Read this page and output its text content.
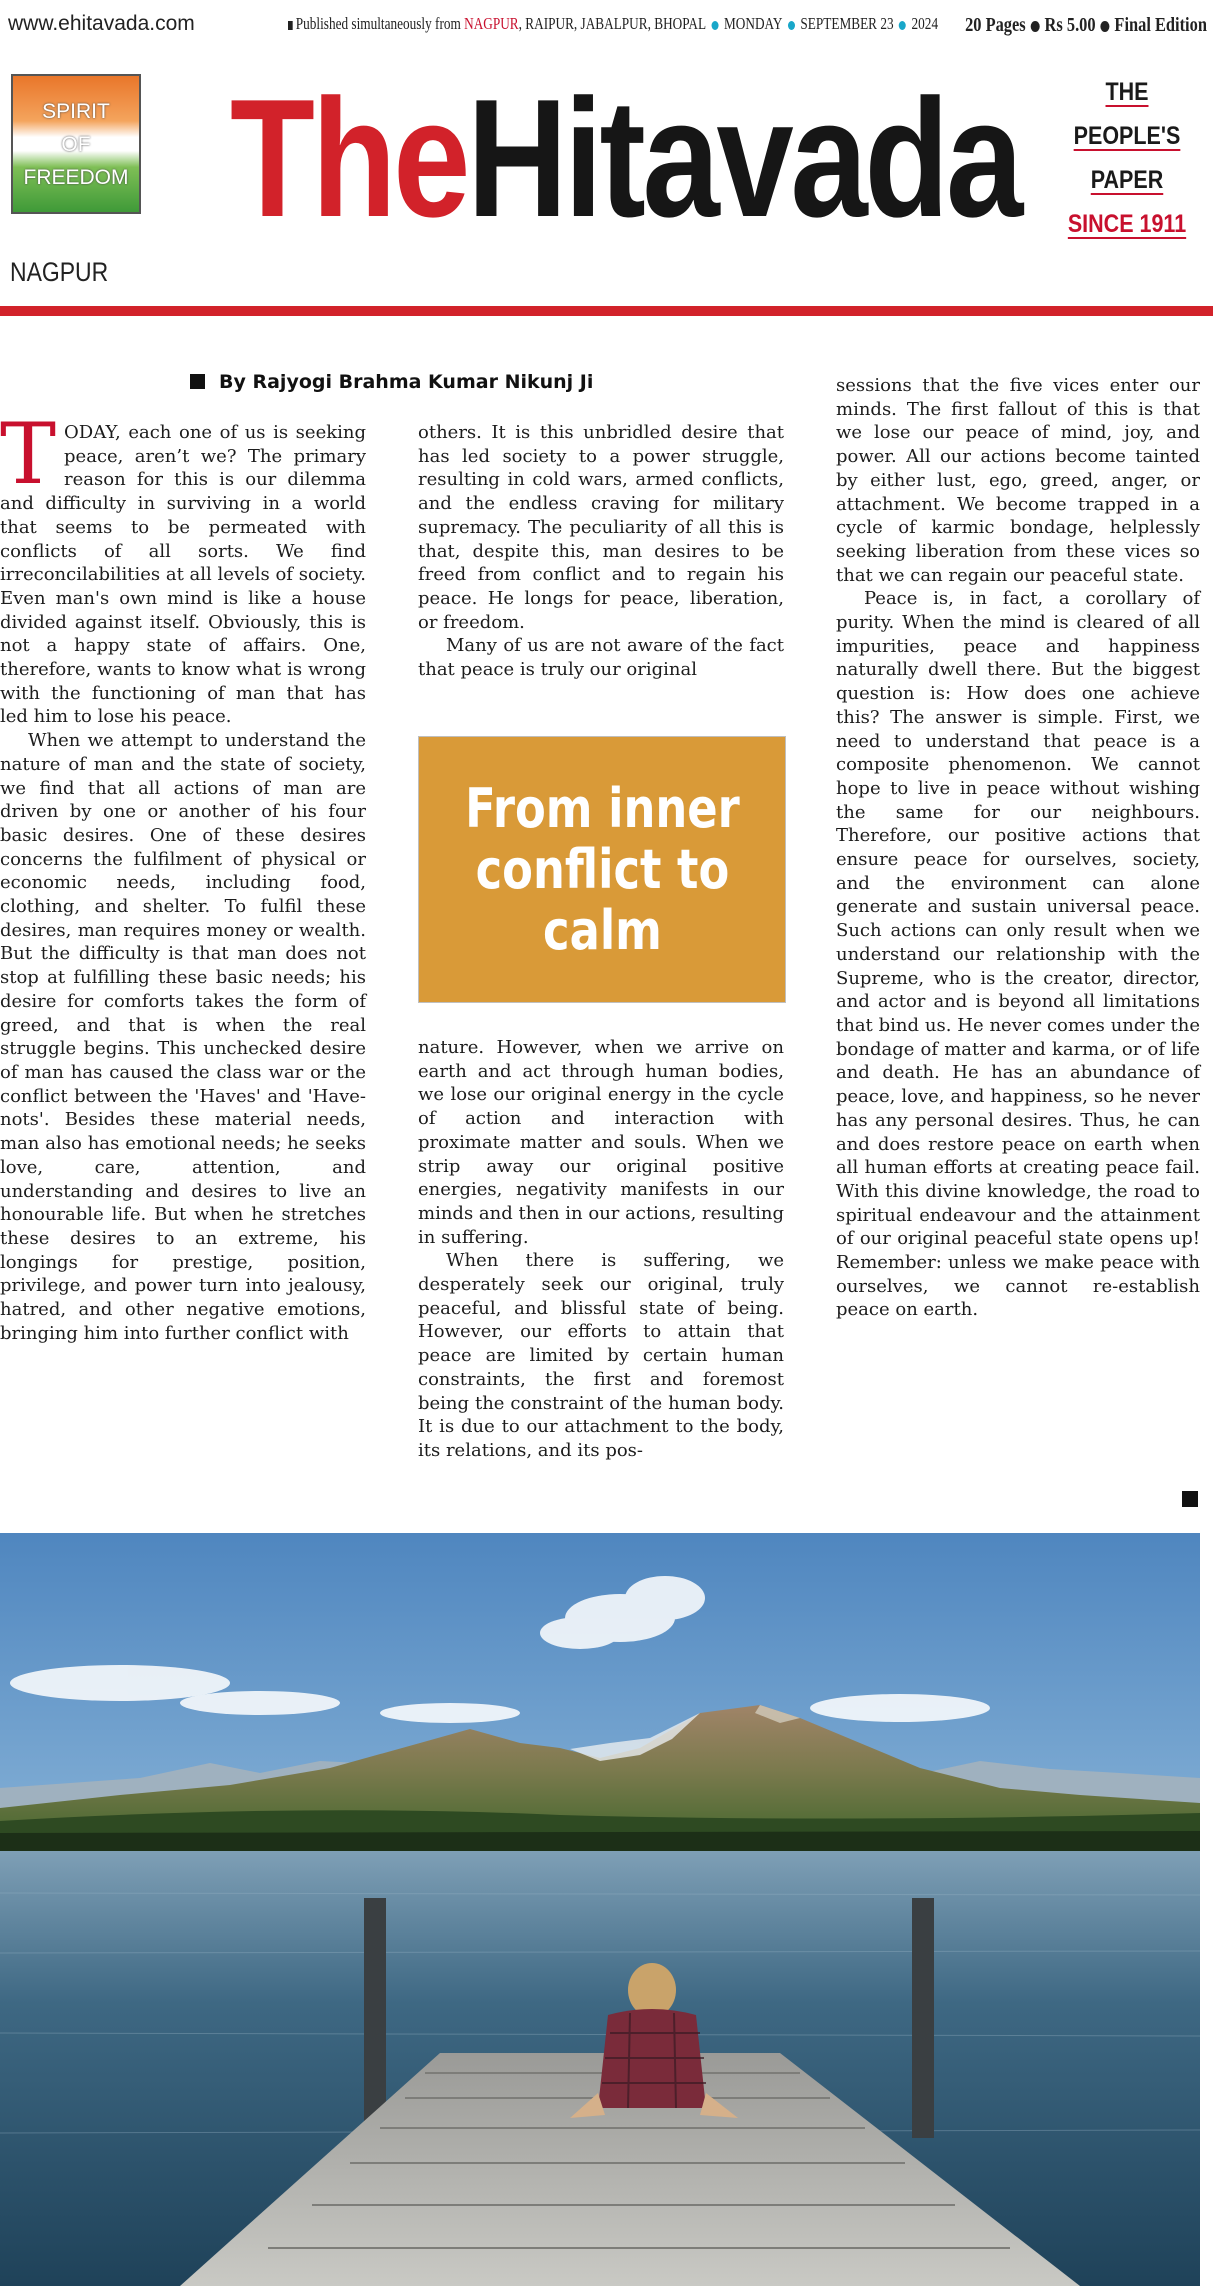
www.ehitavada.com	Published simultaneously from NAGPUR, RAIPUR, JABALPUR, BHOPAL MONDAY SEPTEMBER 23 2024 20 Pages Rs 5.00 Final Edition
SPIRIT
OF
FREEDOM TheHitava
NAGPUR
THE PEOPLE'S
PAPER
SINCE 1911
By Rajyogi Brahma Kumar Nikunj Ji

TODAY, each one of us is seeking peace, aren’t we? The primary reason for this is our dilemma and difficulty in surviving in a world that seems to be permeated with conflicts of all sorts. We find irreconcilabilities at all levels of society. Even man's own mind is like a house divided against itself. Obviously, this is not a happy state of affairs. One, therefore, wants to know what is wrong with the functioning of man that has led him to lose his peace.

When we attempt to understand the nature of man and the state of society, we find that all actions of man are driven by one or another of his four basic desires. One of these desires concerns the fulfilment of physical or economic needs, including food, clothing, and shelter. To fulfil these desires, man requires money or wealth. But the difficulty is that man does not stop at fulfilling these basic needs; his desire for comforts takes the form of greed, and that is when the real struggle begins. This unchecked desire of man has caused the class war or the conflict between the 'Haves' and 'Have-nots'. Besides these material needs, man also has emotional needs; he seeks love, care, attention, and understanding and desires to live an honourable life. But when he stretches these desires to an extreme, his longings for prestige, position, privilege, and power turn into jealousy, hatred, and other negative emotions, bringing him into further conflict with

others. It is this unbridled desire that has led society to a power struggle, resulting in cold wars, armed conflicts, and the endless craving for military supremacy. The peculiarity of all this is that, despite this, man desires to be freed from conflict and to regain his peace. He longs for peace, liberation, or freedom.

Many of us are not aware of the fact that peace is truly our original

From inner
conflict to
calm

nature. However, when we arrive on earth and act through human bodies, we lose our original energy in the cycle of action and interaction with proximate matter and souls. When we strip away our original positive energies, negativity manifests in our minds and then in our actions, resulting in suffering.

When there is suffering, we desperately seek our original, truly peaceful, and blissful state of being. However, our efforts to attain that peace are limited by certain human constraints, the first and foremost being the constraint of the human body. It is due to our attachment to the body, its relations, and its pos-

sessions that the five vices enter our minds. The first fallout of this is that we lose our peace of mind, joy, and power. All our actions become tainted by either lust, ego, greed, anger, or attachment. We become trapped in a cycle of karmic bondage, helplessly seeking liberation from these vices so that we can regain our peaceful state.

Peace is, in fact, a corollary of purity. When the mind is cleared of all impurities, peace and happiness naturally dwell there. But the biggest question is: How does one achieve this? The answer is simple. First, we need to understand that peace is a composite phenomenon. We cannot hope to live in peace without wishing the same for our neighbours. Therefore, our positive actions that ensure peace for ourselves, society, and the environment can alone generate and sustain universal peace. Such actions can only result when we understand our relationship with the Supreme, who is the creator, director, and actor and is beyond all limitations that bind us. He never comes under the bondage of matter and karma, or of life and death. He has an abundance of peace, love, and happiness, so he never has any personal desires. Thus, he can and does restore peace on earth when all human efforts at creating peace fail. With this divine knowledge, the road to spiritual endeavour and the attainment of our original peaceful state opens up! Remember: unless we make peace with ourselves, we cannot re-establish peace on earth.
